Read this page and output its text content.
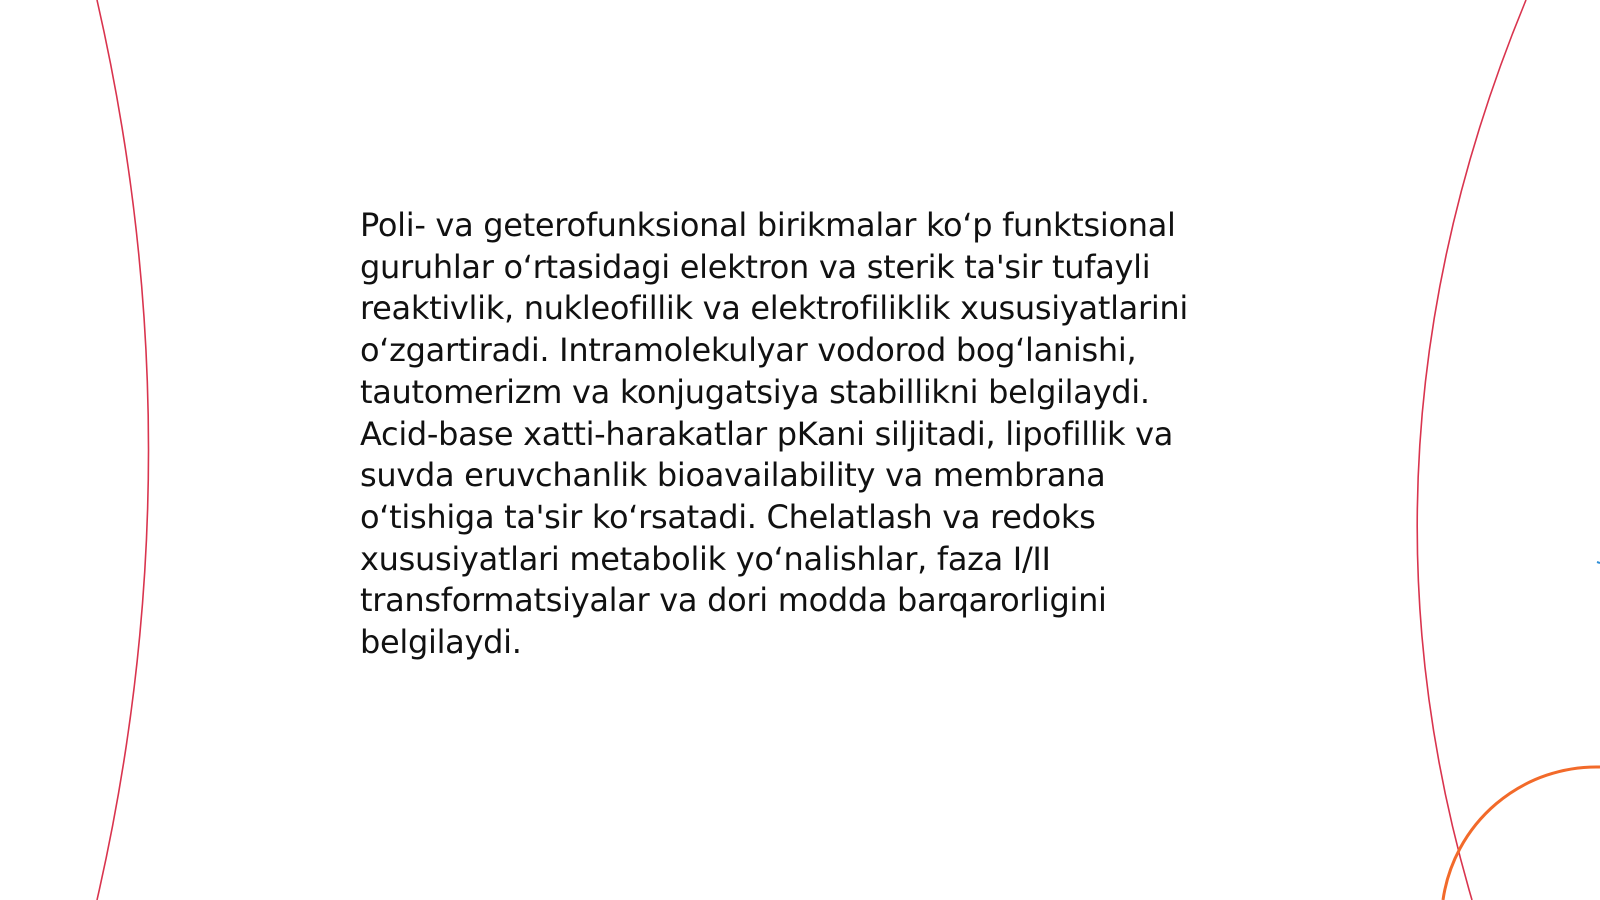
Poli- va geterofunksional birikmalar koʻp funktsional
guruhlar oʻrtasidagi elektron va sterik ta'sir tufayli
reaktivlik, nukleofillik va elektrofiliklik xususiyatlarini
oʻzgartiradi. Intramolekulyar vodorod bogʻlanishi,
tautomerizm va konjugatsiya stabillikni belgilaydi.
Acid-base xatti-harakatlar pKani siljitadi, lipofillik va
suvda eruvchanlik bioavailability va membrana
oʻtishiga ta'sir koʻrsatadi. Chelatlash va redoks
xususiyatlari metabolik yoʻnalishlar, faza I/II
transformatsiyalar va dori modda barqarorligini
belgilaydi.
